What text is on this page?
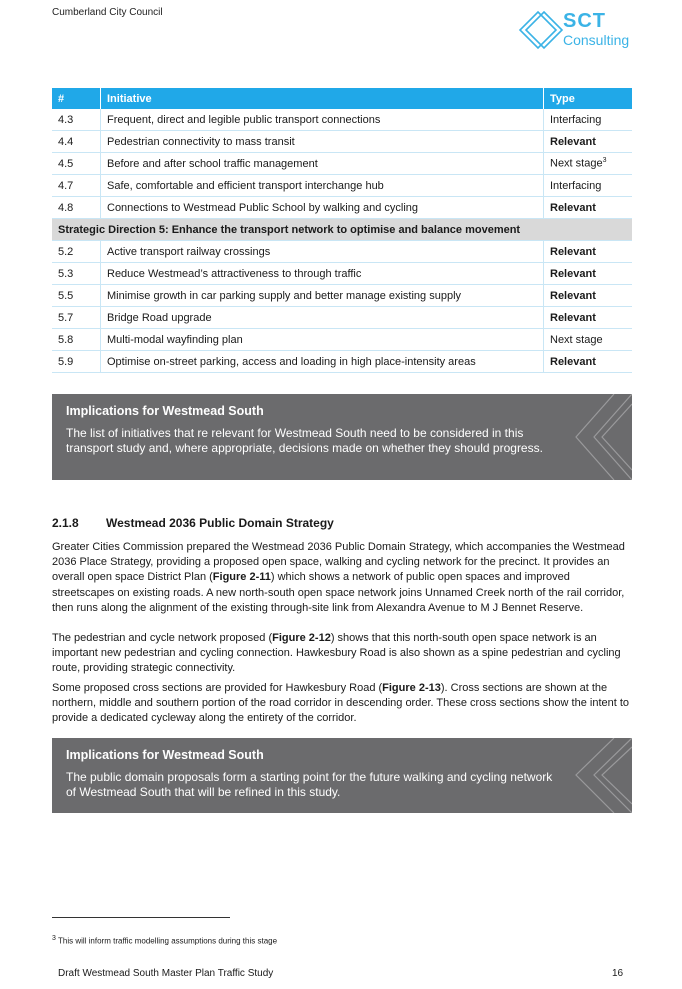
Cumberland City Council	SCT
Consulting
#	Initiative	Type
4.3	Frequent, direct and legible public transport connections	Interfacing
4.4	Pedestrian connectivity to mass transit	Relevant
4.5	Before and after school traffic management	Next stage$^3$
4.7	Safe, comfortable and efficient transport interchange hub	Interfacing
4.8	Connections to Westmead Public School by walking and cycling	Relevant
Strategic Direction 5: Enhance the transport network to optimise and balance movement		
5.2	Active transport railway crossings	Relevant
5.3	Reduce Westmead’s attractiveness to through traffic	Relevant
5.5	Minimise growth in car parking supply and better manage existing supply	Relevant
5.7	Bridge Road upgrade	Relevant
5.8	Multi-modal wayfinding plan	Next stage
5.9	Optimise on-street parking, access and loading in high place-intensity areas	Relevant
Implications for Westmead South
The list of initiatives that re relevant for Westmead South need to be considered in this transport study and, where appropriate, decisions made on whether they should progress.
2.1.8 Westmead 2036 Public Domain Strategy

Greater Cities Commission prepared the Westmead 2036 Public Domain Strategy, which accompanies the Westmead 2036 Place Strategy, providing a proposed open space, walking and cycling network for the precinct. It provides an overall open space District Plan (Figure 2-11) which shows a network of public open spaces and improved streetscapes on existing roads. A new north-south open space network joins Unnamed Creek north of the rail corridor, then runs along the alignment of the existing through-site link from Alexandra Avenue to M J Bennet Reserve.

The pedestrian and cycle network proposed (Figure 2-12) shows that this north-south open space network is an important new pedestrian and cycling connection. Hawkesbury Road is also shown as a spine pedestrian and cycling route, providing strategic connectivity.

Some proposed cross sections are provided for Hawkesbury Road (Figure 2-13). Cross sections are shown at the northern, middle and southern portion of the road corridor in descending order. These cross sections show the intent to provide a dedicated cycleway along the entirety of the corridor.

Implications for Westmead South
The public domain proposals form a starting point for the future walking and cycling network of Westmead South that will be refined in this study.
$^3$ This will inform traffic modelling assumptions during this stage
Draft Westmead South Master Plan Traffic Study	16
